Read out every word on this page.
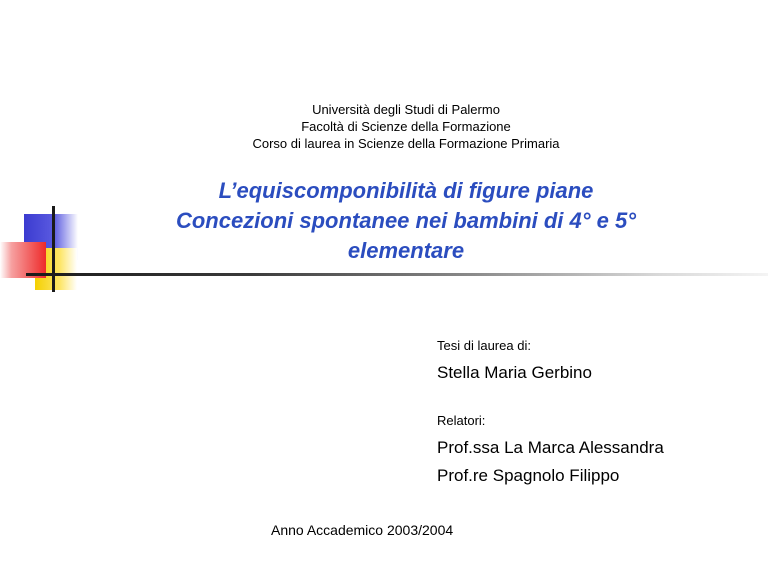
Università degli Studi di Palermo
Facoltà di Scienze della Formazione
Corso di laurea in Scienze della Formazione Primaria
L’equiscomponibilità di figure piane
Concezioni spontanee nei bambini di 4° e 5°
elementare
Tesi di laurea di:
Stella Maria Gerbino
Relatori:
Prof.ssa La Marca Alessandra
Prof.re Spagnolo Filippo
Anno Accademico 2003/2004
